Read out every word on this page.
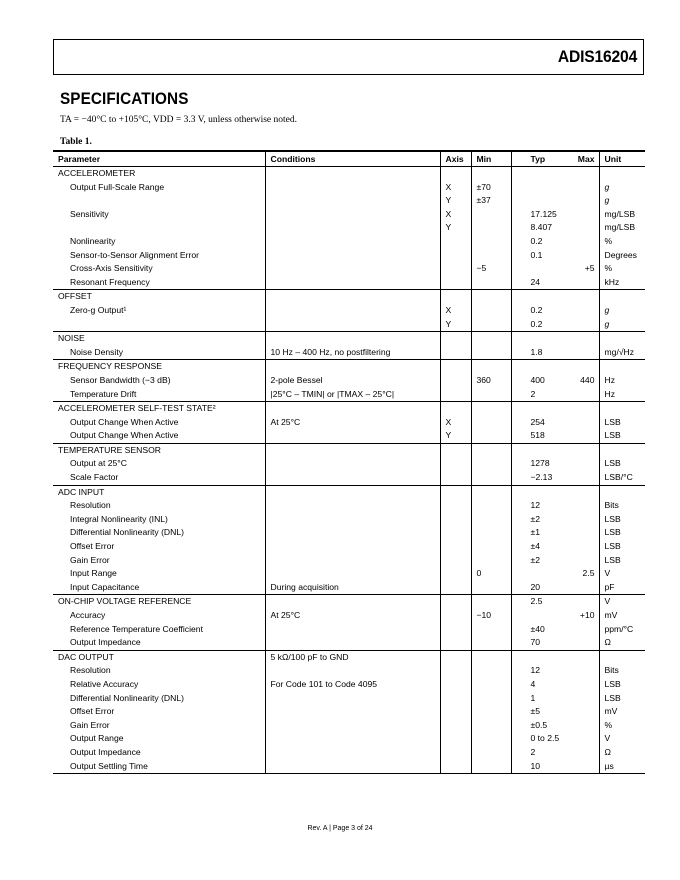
ADIS16204
SPECIFICATIONS
TA = −40°C to +105°C, VDD = 3.3 V, unless otherwise noted.
Table 1.
Parameter	Conditions	Axis	Min	Typ	Max	Unit
ACCELEROMETER						
Output Full-Scale Range		X	±70			g
		Y	±37			g
Sensitivity		X		17.125		mg/LSB
		Y		8.407		mg/LSB
Nonlinearity				0.2		%
Sensor-to-Sensor Alignment Error				0.1		Degrees
Cross-Axis Sensitivity			−5		+5	%
Resonant Frequency				24		kHz
OFFSET						
Zero-g Output¹		X		0.2		g
		Y		0.2		g
NOISE						
Noise Density	10 Hz – 400 Hz, no postfiltering			1.8		mg/√Hz
FREQUENCY RESPONSE						
Sensor Bandwidth (−3 dB)	2-pole Bessel		360	400	440	Hz
Temperature Drift	|25°C – TMIN| or |TMAX – 25°C|			2		Hz
ACCELEROMETER SELF-TEST STATE²						
Output Change When Active	At 25°C	X		254		LSB
Output Change When Active		Y		518		LSB
TEMPERATURE SENSOR						
Output at 25°C				1278		LSB
Scale Factor				−2.13		LSB/°C
ADC INPUT						
Resolution				12		Bits
Integral Nonlinearity (INL)				±2		LSB
Differential Nonlinearity (DNL)				±1		LSB
Offset Error				±4		LSB
Gain Error				±2		LSB
Input Range			0		2.5	V
Input Capacitance	During acquisition			20		pF
ON-CHIP VOLTAGE REFERENCE				2.5		V
Accuracy	At 25°C		−10		+10	mV
Reference Temperature Coefficient				±40		ppm/°C
Output Impedance				70		Ω
DAC OUTPUT	5 kΩ/100 pF to GND					
Resolution				12		Bits
Relative Accuracy	For Code 101 to Code 4095			4		LSB
Differential Nonlinearity (DNL)				1		LSB
Offset Error				±5		mV
Gain Error				±0.5		%
Output Range				0 to 2.5		V
Output Impedance				2		Ω
Output Settling Time				10		µs
Rev. A | Page 3 of 24
